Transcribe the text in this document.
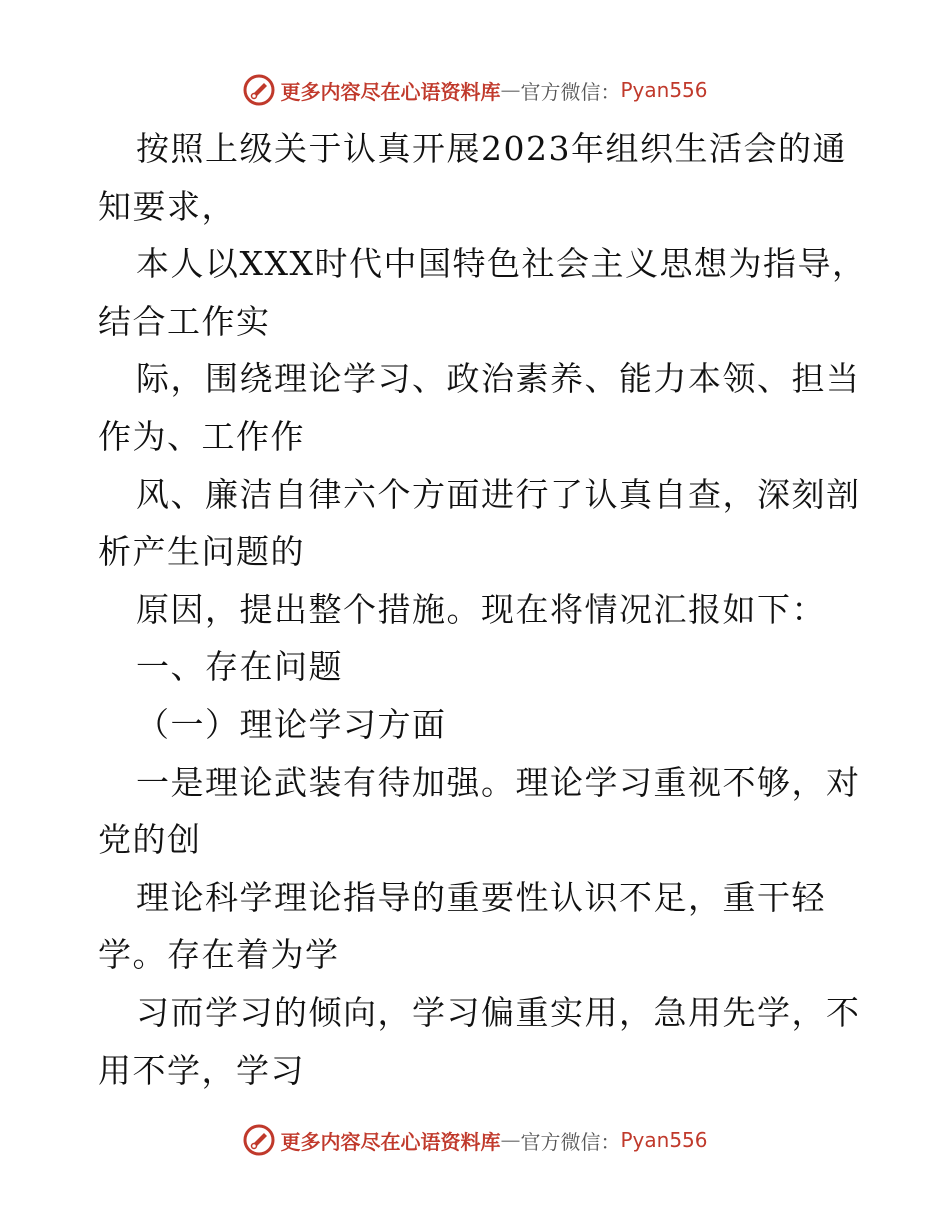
更多内容尽在心语资料库 — 官方微信： Pyan556
按照上级关于认真开展2023年组织生活会的通
知要求，
本人以XXX时代中国特色社会主义思想为指导，
结合工作实
际，围绕理论学习、政治素养、能力本领、担当
作为、工作作
风、廉洁自律六个方面进行了认真自查，深刻剖
析产生问题的
原因，提出整个措施。现在将情况汇报如下：
一、存在问题
（一）理论学习方面
一是理论武装有待加强。理论学习重视不够，对
党的创
理论科学理论指导的重要性认识不足，重干轻
学。存在着为学
习而学习的倾向，学习偏重实用，急用先学，不
用不学，学习
更多内容尽在心语资料库 — 官方微信： Pyan556
